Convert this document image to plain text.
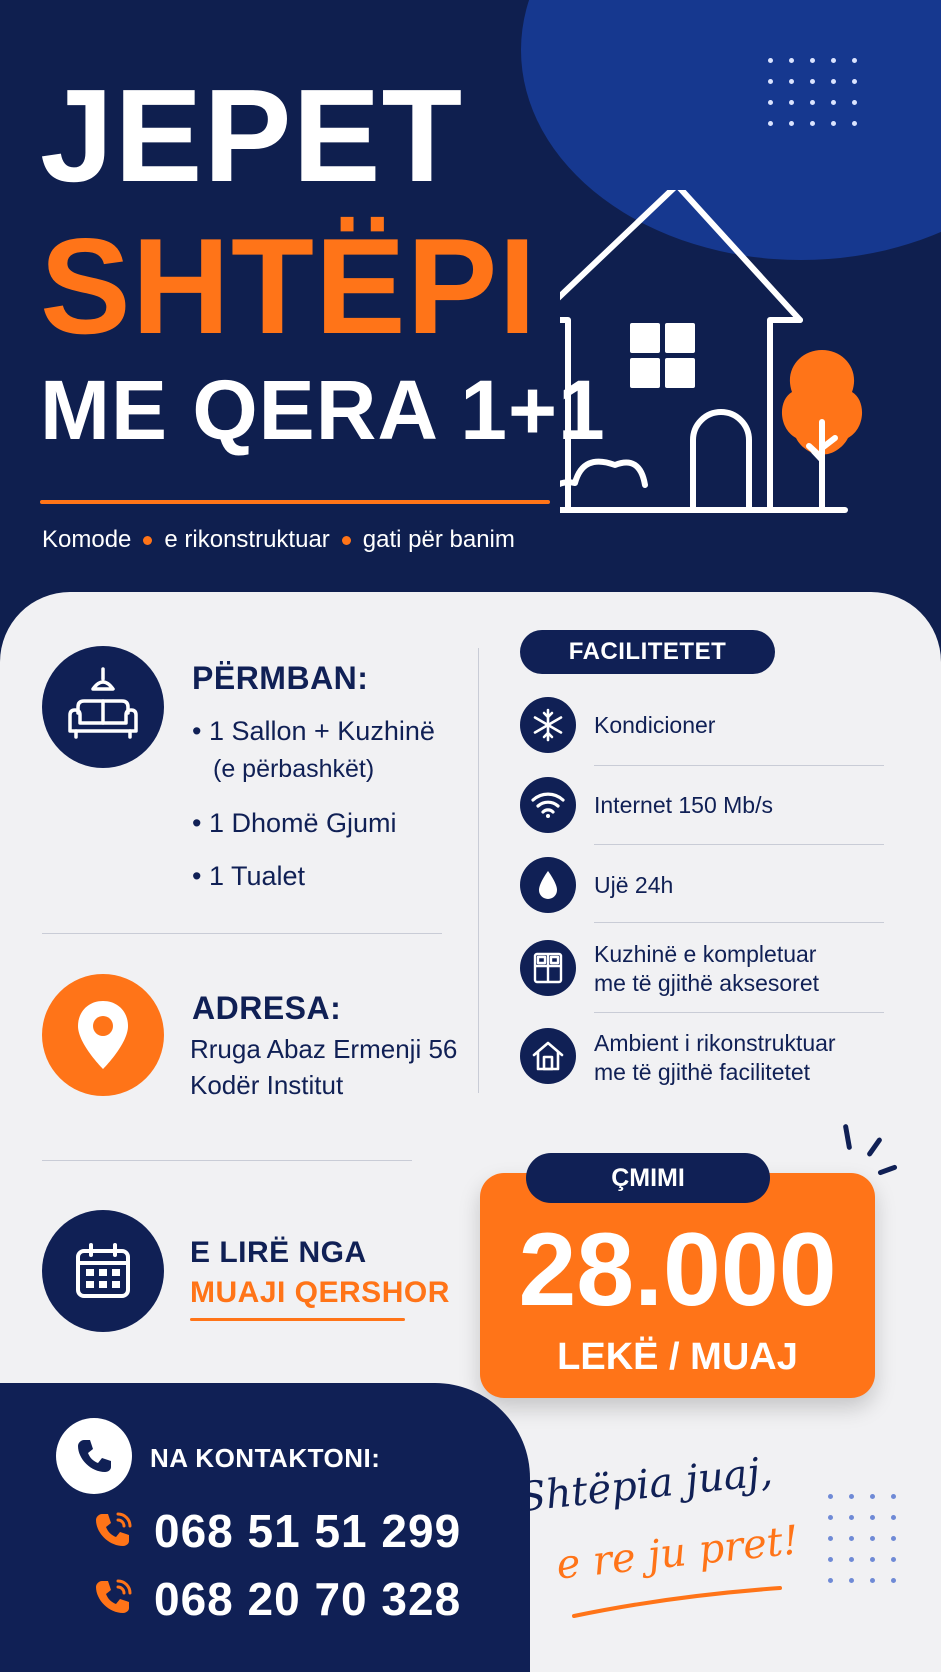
JEPET
SHTËPI
ME QERA 1+1
Komode e rikonstruktuar gati për banim
PËRMBAN:
• 1 Sallon + Kuzhinë
(e përbashkët)
• 1 Dhomë Gjumi
• 1 Tualet
ADRESA:
Rruga Abaz Ermenji 56
Kodër Institut
E LIRË NGA
MUAJI QERSHOR
FACILITETET
Kondicioner
Internet 150 Mb/s
Ujë 24h
Kuzhinë e kompletuar
me të gjithë aksesoret
Ambient i rikonstruktuar
me të gjithë facilitetet
ÇMIMI
28.000
LEKË / MUAJ
NA KONTAKTONI:
068 51 51 299
068 20 70 328
Shtëpia juaj,
e re ju pret!
